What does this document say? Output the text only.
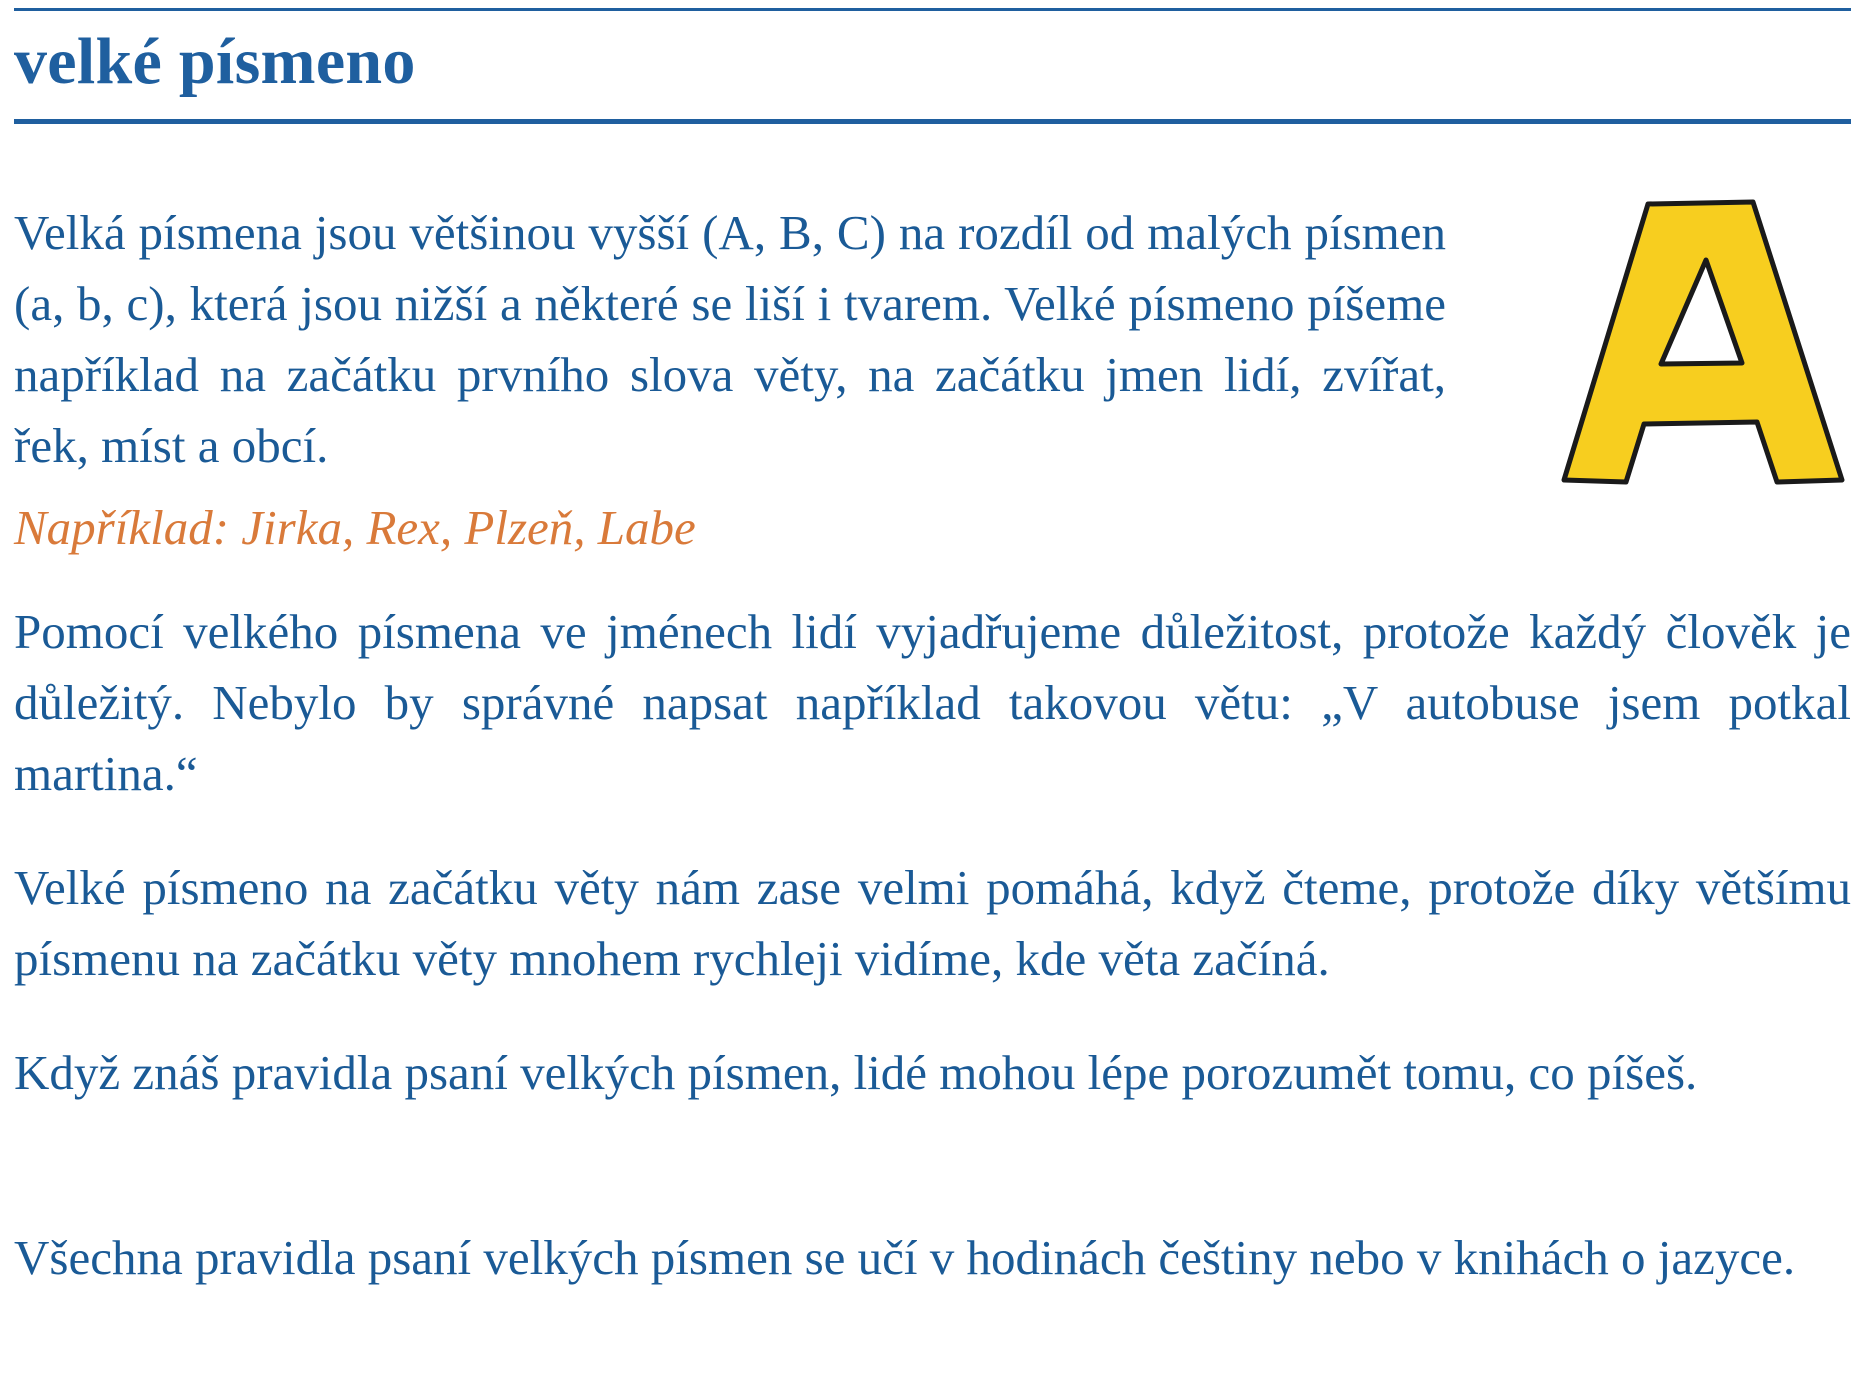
velké písmeno

Velká písmena jsou většinou vyšší (A, B, C) na rozdíl od malých písmen (a, b, c), která jsou nižší a některé se liší i tvarem. Velké písmeno píšeme například na začátku prvního slova věty, na začátku jmen lidí, zvířat, řek, míst a obcí.

Například: Jirka, Rex, Plzeň, Labe

Pomocí velkého písmena ve jménech lidí vyjadřujeme důležitost, protože každý člověk je důležitý. Nebylo by správné napsat například takovou větu: „V autobuse jsem potkal martina.“

Velké písmeno na začátku věty nám zase velmi pomáhá, když čteme, protože díky většímu písmenu na začátku věty mnohem rychleji vidíme, kde věta začíná.

Když znáš pravidla psaní velkých písmen, lidé mohou lépe porozumět tomu, co píšeš.

Všechna pravidla psaní velkých písmen se učí v hodinách češtiny nebo v knihách o jazyce.
